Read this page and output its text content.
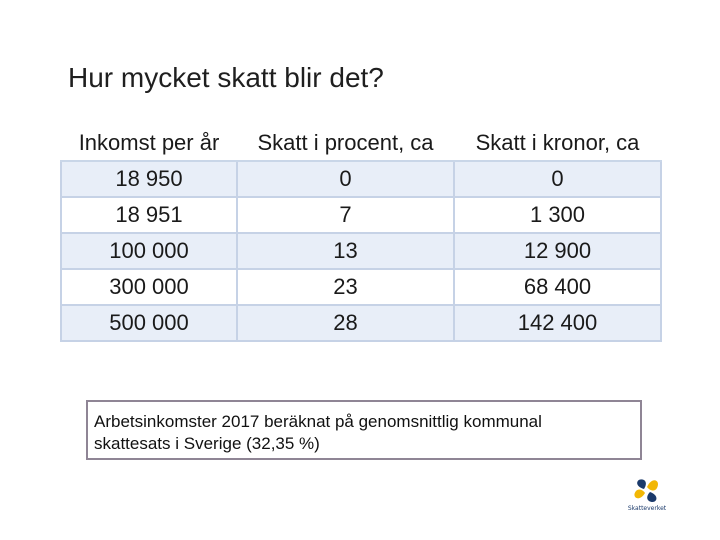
Hur mycket skatt blir det?
Inkomst per år	Skatt i procent, ca	Skatt i kronor, ca
18 950	0	0
18 951	7	1 300
100 000	13	12 900
300 000	23	68 400
500 000	28	142 400
Arbetsinkomster 2017 beräknat på genomsnittlig kommunal
skattesats i Sverige (32,35 %)
Skatteverket
